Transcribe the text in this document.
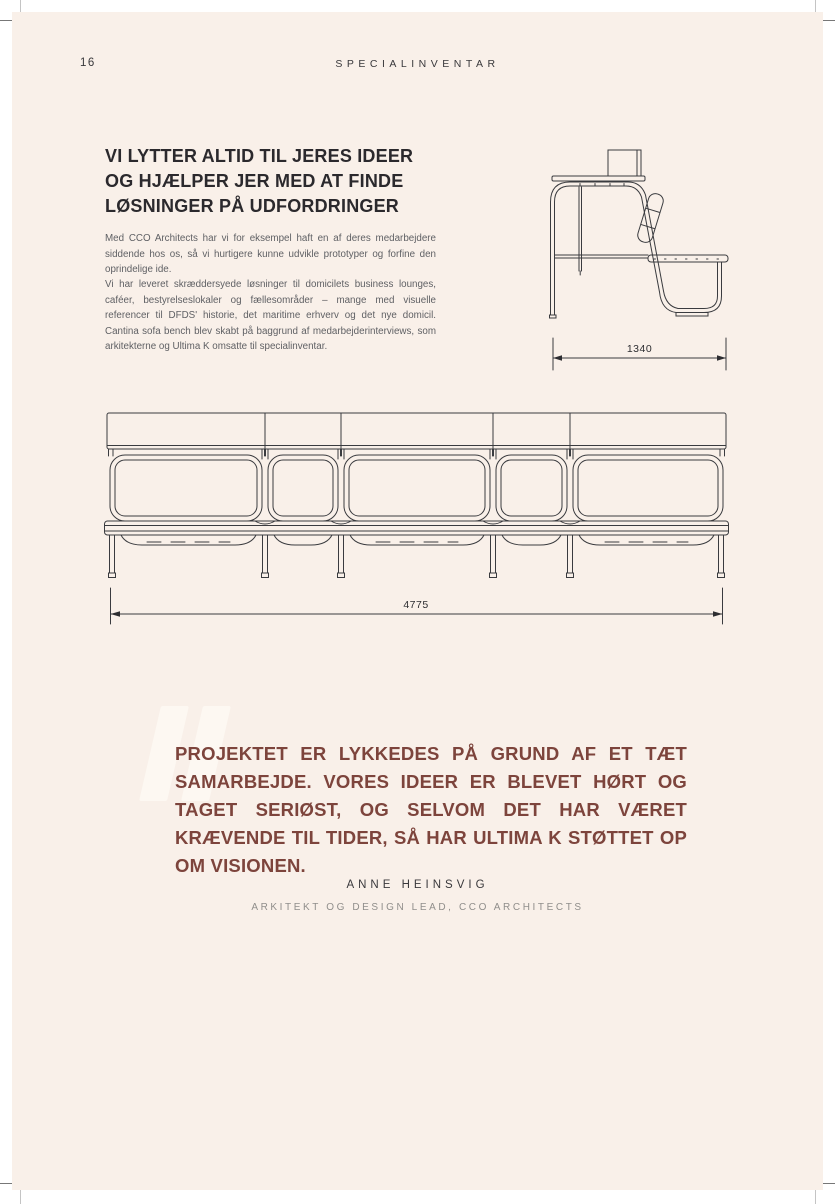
16	SPECIALINVENTAR
VI LYTTER ALTID TIL JERES IDEER
OG HJÆLPER JER MED AT FINDE
LØSNINGER PÅ UDFORDRINGER

Med CCO Architects har vi for eksempel haft en af deres medarbejdere siddende hos os, så vi hurtigere kunne udvikle prototyper og forfine den oprindelige ide.

Vi har leveret skræddersyede løsninger til domicilets business lounges, caféer, bestyrelseslokaler og fællesområder – mange med visuelle referencer til DFDS' historie, det maritime erhverv og det nye domicil. Cantina sofa bench blev skabt på baggrund af medarbejderinterviews, som arkitekterne og Ultima K omsatte til specialinventar.	1340
4775
PROJEKTET ER LYKKEDES PÅ GRUND AF ET TÆT SAMARBEJDE. VORES IDEER ER BLEVET HØRT OG TAGET SERIØST, OG SELVOM DET HAR VÆRET KRÆVENDE TIL TIDER, SÅ HAR ULTIMA K STØTTET OP OM VISIONEN.
ANNE HEINSVIG
ARKITEKT OG DESIGN LEAD, CCO ARCHITECTS
